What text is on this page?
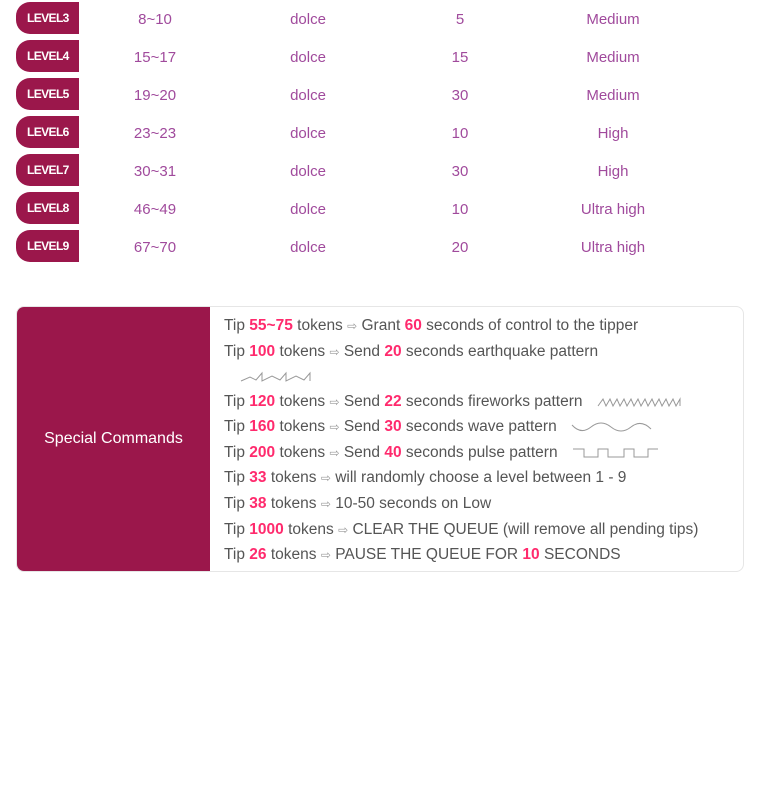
LEVEL3	8~10	dolce	5	Medium
LEVEL4	15~17	dolce	15	Medium
LEVEL5	19~20	dolce	30	Medium
LEVEL6	23~23	dolce	10	High
LEVEL7	30~31	dolce	30	High
LEVEL8	46~49	dolce	10	Ultra high
LEVEL9	67~70	dolce	20	Ultra high
Special Commands
Tip 55~75 tokens ⇨ Grant 60 seconds of control to the tipper
Tip 100 tokens ⇨ Send 20 seconds earthquake pattern
Tip 120 tokens ⇨ Send 22 seconds fireworks pattern
Tip 160 tokens ⇨ Send 30 seconds wave pattern
Tip 200 tokens ⇨ Send 40 seconds pulse pattern
Tip 33 tokens ⇨ will randomly choose a level between 1 - 9
Tip 38 tokens ⇨ 10-50 seconds on Low
Tip 1000 tokens ⇨ CLEAR THE QUEUE (will remove all pending tips)
Tip 26 tokens ⇨ PAUSE THE QUEUE FOR 10 SECONDS
